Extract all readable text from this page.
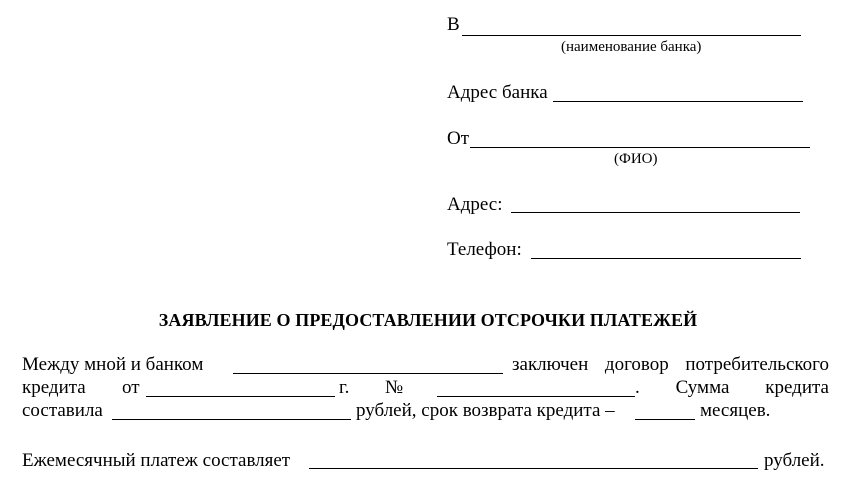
В
(наименование банка)
Адрес банка
От
(ФИО)
Адрес:
Телефон:
ЗАЯВЛЕНИЕ О ПРЕДОСТАВЛЕНИИ ОТСРОЧКИ ПЛАТЕЖЕЙ
Между мной и банком	заключен договор потребительского
кредита от	г. №	. Сумма кредита
составила	рублей, срок возврата кредита –	месяцев.
Ежемесячный платеж составляет	рублей.
